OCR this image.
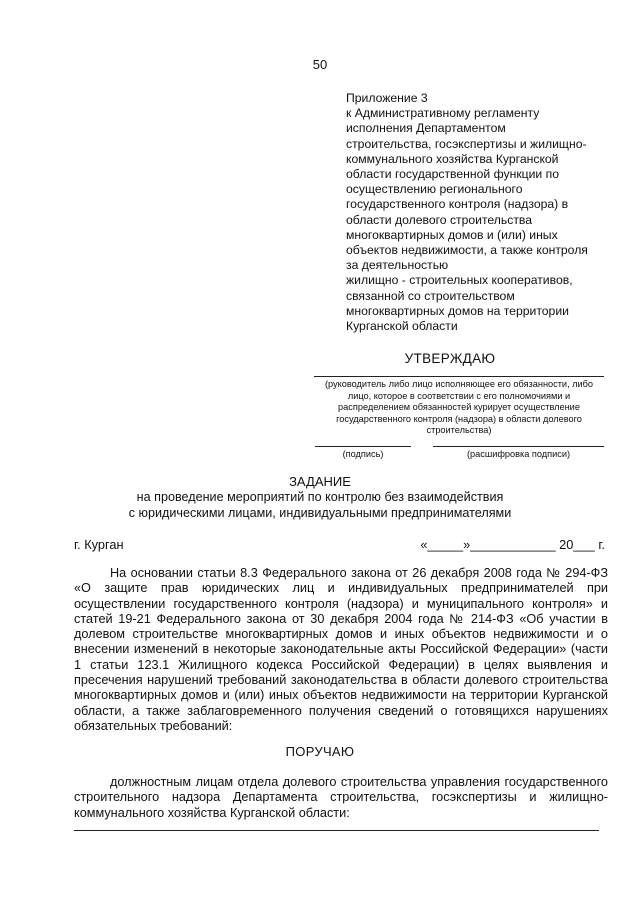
50
Приложение 3
к Административному регламенту
исполнения Департаментом
строительства, госэкспертизы и жилищно-
коммунального хозяйства Курганской
области государственной функции по
осуществлению регионального
государственного контроля (надзора) в
области долевого строительства
многоквартирных домов и (или) иных
объектов недвижимости, а также контроля
за деятельностью
жилищно - строительных кооперативов,
связанной со строительством
многоквартирных домов на территории
Курганской области
УТВЕРЖДАЮ
(руководитель либо лицо исполняющее его обязанности, либо лицо, которое в соответствии с его полномочиями и распределением обязанностей курирует осуществление государственного контроля (надзора) в области долевого строительства)
(подпись)	(расшифровка подписи)
ЗАДАНИЕ
на проведение мероприятий по контролю без взаимодействия
с юридическими лицами, индивидуальными предпринимателями
г. Курган	«_____»____________ 20___ г.
На основании статьи 8.3 Федерального закона от 26 декабря 2008 года № 294-ФЗ «О защите прав юридических лиц и индивидуальных предпринимателей при осуществлении государственного контроля (надзора) и муниципального контроля» и статей 19-21 Федерального закона от 30 декабря 2004 года № 214-ФЗ «Об участии в долевом строительстве многоквартирных домов и иных объектов недвижимости и о внесении изменений в некоторые законодательные акты Российской Федерации» (части 1 статьи 123.1 Жилищного кодекса Российской Федерации) в целях выявления и пресечения нарушений требований законодательства в области долевого строительства многоквартирных домов и (или) иных объектов недвижимости на территории Курганской области, а также заблаговременного получения сведений о готовящихся нарушениях обязательных требований:
ПОРУЧАЮ
должностным лицам отдела долевого строительства управления государственного строительного надзора Департамента строительства, госэкспертизы и жилищно-коммунального хозяйства Курганской области:
